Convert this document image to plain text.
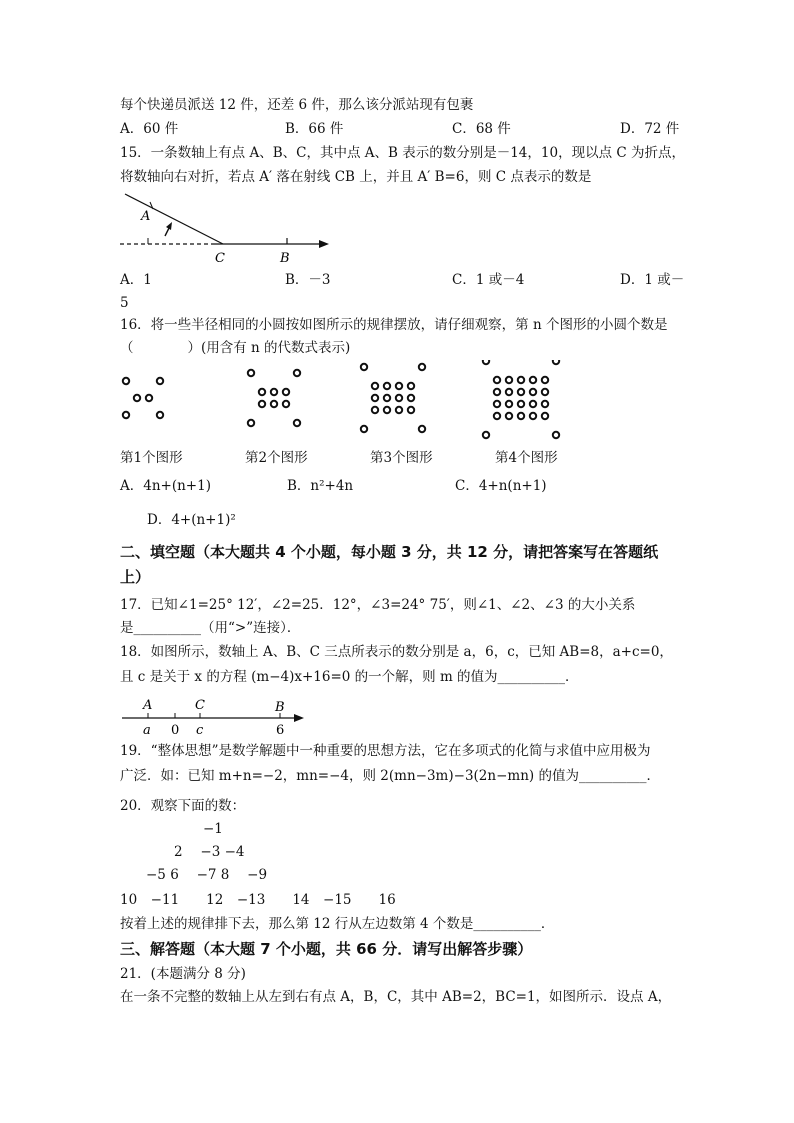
每个快递员派送 12 件，还差 6 件，那么该分派站现有包裹
A．60 件	B．66 件	C．68 件	D．72 件
15．一条数轴上有点 A、B、C，其中点 A、B 表示的数分别是－14，10，现以点 C 为折点，
将数轴向右对折，若点 A′ 落在射线 CB 上，并且 A′ B=6，则 C 点表示的数是
A
C	B
A．1	B．－3	C．1 或－4	D．1 或－
5
16．将一些半径相同的小圆按如图所示的规律摆放，请仔细观察，第 n 个图形的小圆个数是
（　　　　）(用含有 n 的代数式表示)
第1个图形	第2个图形	第3个图形	第4个图形
A．4n+(n+1)	B．n²+4n	C．4+n(n+1)
D．4+(n+1)²
二、填空题（本大题共 4 个小题，每小题 3 分，共 12 分，请把答案写在答题纸
上）
17．已知∠1=25° 12′，∠2=25．12°，∠3=24° 75′，则∠1、∠2、∠3 的大小关系
是__________（用“>”连接）．
18．如图所示，数轴上 A、B、C 三点所表示的数分别是 a，6，c，已知 AB=8，a+c=0，
且 c 是关于 x 的方程 (m−4)x+16=0 的一个解，则 m 的值为__________．
A	C	B
a 0 c	6
19．“整体思想”是数学解题中一种重要的思想方法，它在多项式的化简与求值中应用极为
广泛．如：已知 m+n=−2，mn=−4，则 2(mn−3m)−3(2n−mn) 的值为__________．
20．观察下面的数：
−1
2　 −3 −4
−5 6　 −7 8　 −9
10　−11　　12　−13　　14　−15　　16
按着上述的规律排下去，那么第 12 行从左边数第 4 个数是__________．
三、解答题（本大题 7 个小题，共 66 分．请写出解答步骤）
21．(本题满分 8 分)
在一条不完整的数轴上从左到右有点 A，B，C，其中 AB=2，BC=1，如图所示．设点 A，
